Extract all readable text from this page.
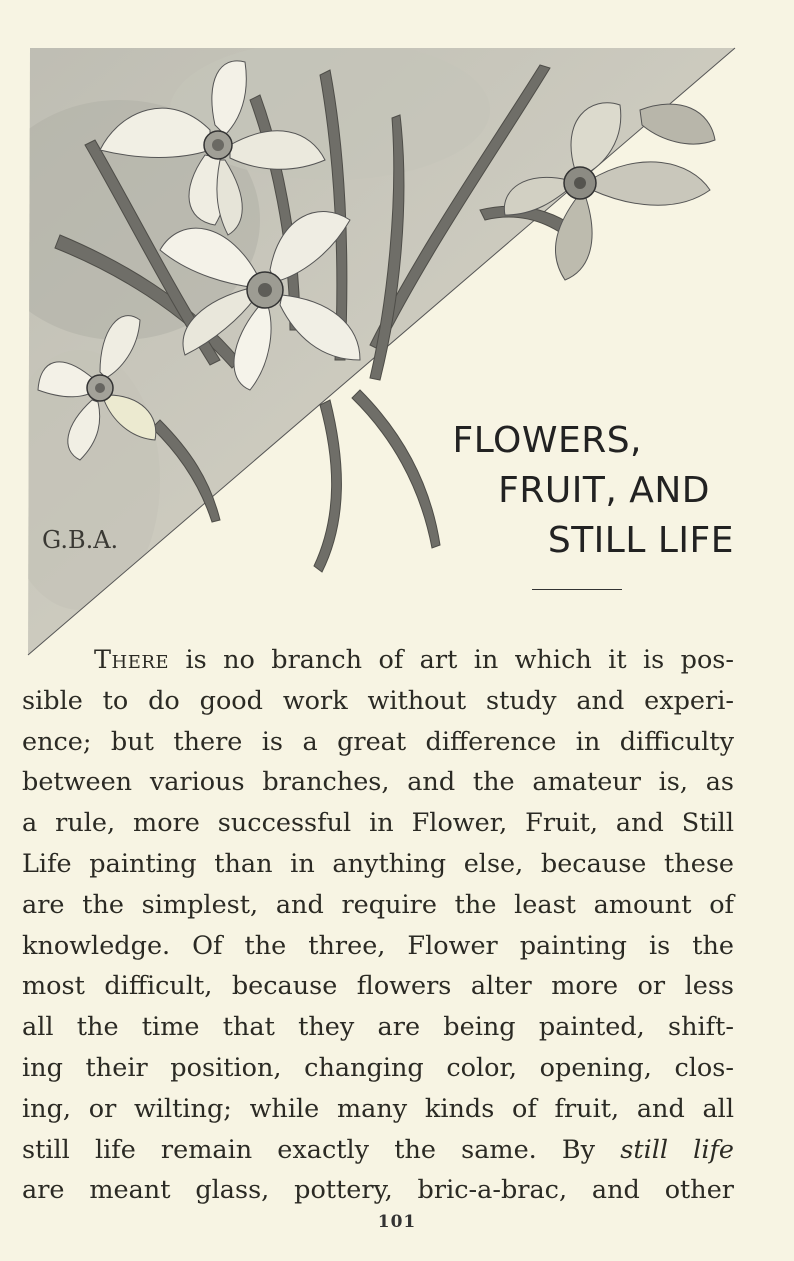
G.B.A.
FLOWERS,
FRUIT, AND
STILL LIFE
There is no branch of art in which it is pos-
sible to do good work without study and experi-
ence; but there is a great difference in difficulty
between various branches, and the amateur is, as
a rule, more successful in Flower, Fruit, and Still
Life painting than in anything else, because these
are the simplest, and require the least amount of
knowledge. Of the three, Flower painting is the
most difficult, because flowers alter more or less
all the time that they are being painted, shift-
ing their position, changing color, opening, clos-
ing, or wilting; while many kinds of fruit, and all
still life remain exactly the same. By still life
are meant glass, pottery, bric-a-brac, and other
101
